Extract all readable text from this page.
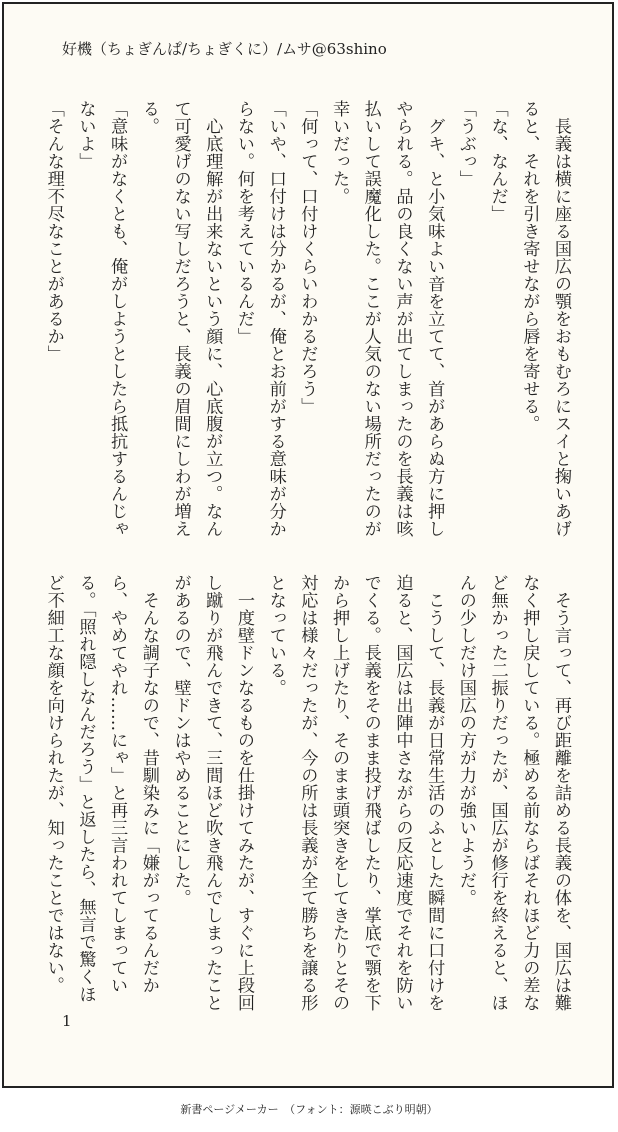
好機（ちょぎんぱ/ちょぎくに）/ムサ@63shino
長義は横に座る国広の顎をおもむろにスイと掬いあげると、それを引き寄せながら唇を寄せる。
「な、なんだ」
「うぶっ」
グキ、と小気味よい音を立てて、首があらぬ方に押しやられる。品の良くない声が出てしまったのを長義は咳払いして誤魔化した。ここが人気のない場所だったのが幸いだった。
「何って、口付けくらいわかるだろう」
「いや、口付けは分かるが、俺とお前がする意味が分からない。何を考えているんだ」
心底理解が出来ないという顔に、心底腹が立つ。なんて可愛げのない写しだろうと、長義の眉間にしわが増える。
「意味がなくとも、俺がしようとしたら抵抗するんじゃないよ」
「そんな理不尽なことがあるか」
そう言って、再び距離を詰める長義の体を、国広は難なく押し戻している。極める前ならばそれほど力の差など無かった二振りだったが、国広が修行を終えると、ほんの少しだけ国広の方が力が強いようだ。
こうして、長義が日常生活のふとした瞬間に口付けを迫ると、国広は出陣中さながらの反応速度でそれを防いでくる。長義をそのまま投げ飛ばしたり、掌底で顎を下から押し上げたり、そのまま頭突きをしてきたりとその対応は様々だったが、今の所は長義が全て勝ちを譲る形となっている。
一度壁ドンなるものを仕掛けてみたが、すぐに上段回し蹴りが飛んできて、三間ほど吹き飛んでしまったことがあるので、壁ドンはやめることにした。
そんな調子なので、昔馴染みに「嫌がってるんだから、やめてやれ……にゃ」と再三言われてしまっている。「照れ隠しなんだろう」と返したら、無言で驚くほど不細工な顔を向けられたが、知ったことではない。
1
新書ページメーカー　（フォント：源暎こぶり明朝）
